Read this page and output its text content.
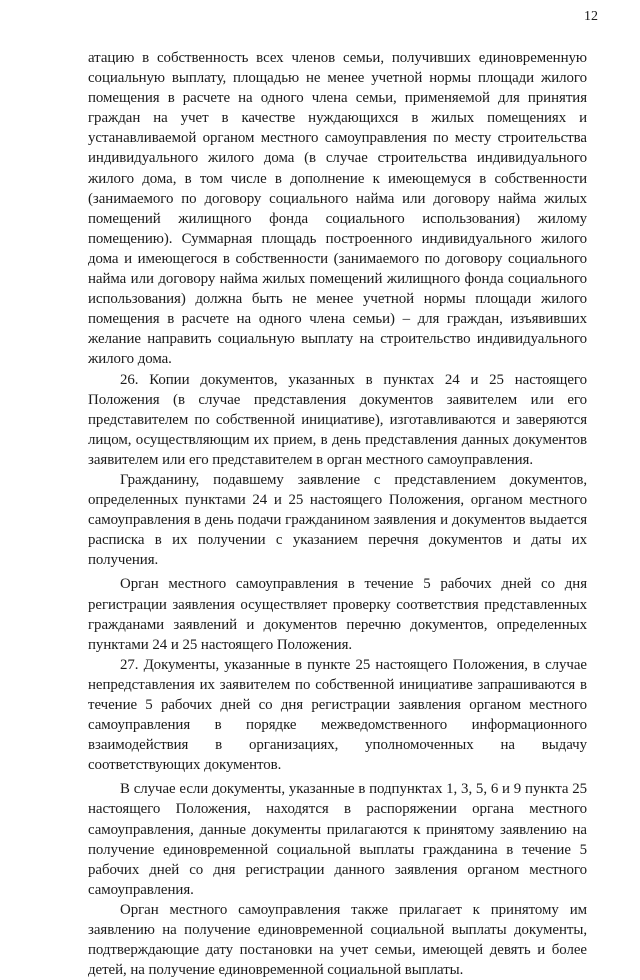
12

атацию в собственность всех членов семьи, получивших единовременную социальную выплату, площадью не менее учетной нормы площади жилого помещения в расчете на одного члена семьи, применяемой для принятия граждан на учет в качестве нуждающихся в жилых помещениях и устанавливаемой органом местного самоуправления по месту строительства индивидуального жилого дома (в случае строительства индивидуального жилого дома, в том числе в дополнение к имеющемуся в собственности (занимаемого по договору социального найма или договору найма жилых помещений жилищного фонда социального использования) жилому помещению). Суммарная площадь построенного индивидуального жилого дома и имеющегося в собственности (занимаемого по договору социального найма или договору найма жилых помещений жилищного фонда социального использования) должна быть не менее учетной нормы площади жилого помещения в расчете на одного члена семьи) – для граждан, изъявивших желание направить социальную выплату на строительство индивидуального жилого дома.

26. Копии документов, указанных в пунктах 24 и 25 настоящего Положения (в случае представления документов заявителем или его представителем по собственной инициативе), изготавливаются и заверяются лицом, осуществляющим их прием, в день представления данных документов заявителем или его представителем в орган местного самоуправления.

Гражданину, подавшему заявление с представлением документов, определенных пунктами 24 и 25 настоящего Положения, органом местного самоуправления в день подачи гражданином заявления и документов выдается расписка в их получении с указанием перечня документов и даты их получения.

Орган местного самоуправления в течение 5 рабочих дней со дня регистрации заявления осуществляет проверку соответствия представленных гражданами заявлений и документов перечню документов, определенных пунктами 24 и 25 настоящего Положения.

27. Документы, указанные в пункте 25 настоящего Положения, в случае непредставления их заявителем по собственной инициативе запрашиваются в течение 5 рабочих дней со дня регистрации заявления органом местного самоуправления в порядке межведомственного информационного взаимодействия в организациях, уполномоченных на выдачу соответствующих документов.

В случае если документы, указанные в подпунктах 1, 3, 5, 6 и 9 пункта 25 настоящего Положения, находятся в распоряжении органа местного самоуправления, данные документы прилагаются к принятому заявлению на получение единовременной социальной выплаты гражданина в течение 5 рабочих дней со дня регистрации данного заявления органом местного самоуправления.

Орган местного самоуправления также прилагает к принятому им заявлению на получение единовременной социальной выплаты документы, подтверждающие дату постановки на учет семьи, имеющей девять и более детей, на получение единовременной социальной выплаты.
